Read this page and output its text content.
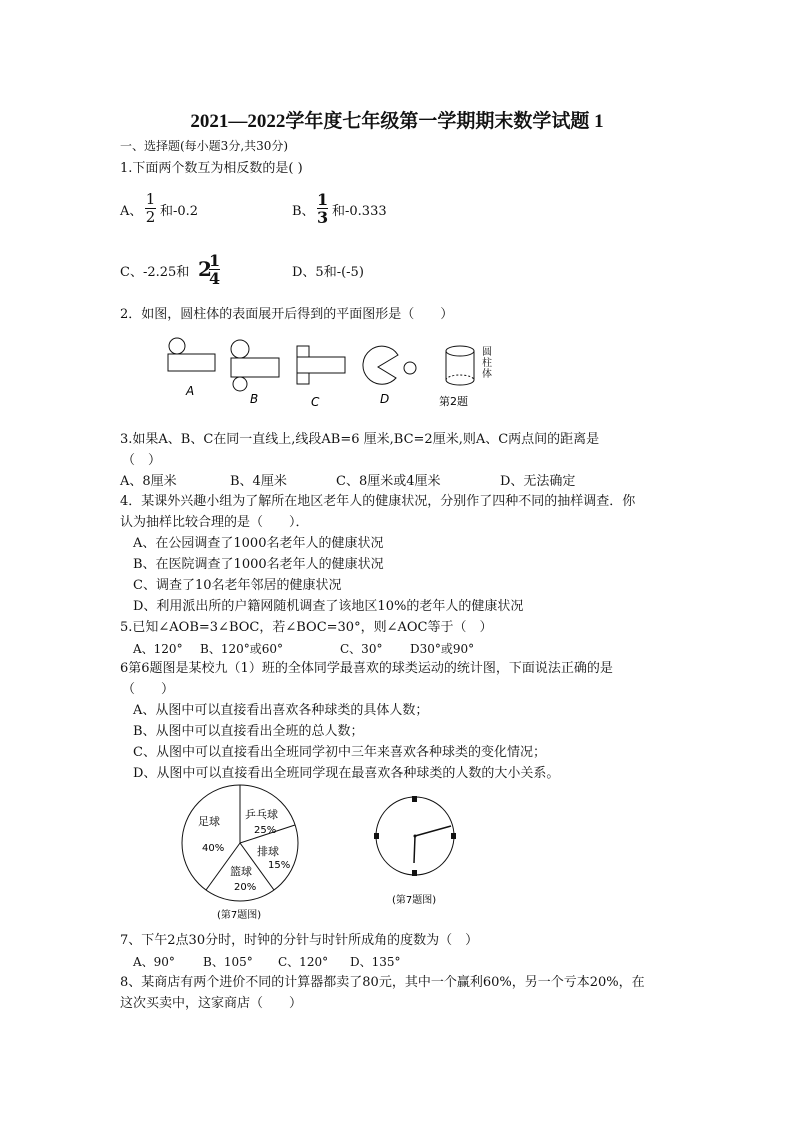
2021—2022学年度七年级第一学期期末数学试题 1
一、选择题(每小题3分,共30分)
1.下面两个数互为相反数的是( )
A、
1
2 和-0.2	B、
1
3 和-0.333
C、-2.25和 2
1
4	D、5和-(-5)
2．如图，圆柱体的表面展开后得到的平面图形是（　　）
A
B	C	D	第2题
圆柱体
3.如果A、B、C在同一直线上,线段AB=6 厘米,BC=2厘米,则A、C两点间的距离是
（　）
A、8厘米	B、4厘米	C、8厘米或4厘米	D、无法确定
4．某课外兴趣小组为了解所在地区老年人的健康状况，分别作了四种不同的抽样调查．你
认为抽样比较合理的是（　　）．
A、在公园调查了1000名老年人的健康状况
B、在医院调查了1000名老年人的健康状况
C、调查了10名老年邻居的健康状况
D、利用派出所的户籍网随机调查了该地区10%的老年人的健康状况
5.已知∠AOB=3∠BOC，若∠BOC=30°，则∠AOC等于（　）
A、120° B、120°或60°	C、30° D30°或90°
6第6题图是某校九（1）班的全体同学最喜欢的球类运动的统计图，下面说法正确的是
（　　）
A、从图中可以直接看出喜欢各种球类的具体人数；
B、从图中可以直接看出全班的总人数；
C、从图中可以直接看出全班同学初中三年来喜欢各种球类的变化情况；
D、从图中可以直接看出全班同学现在最喜欢各种球类的人数的大小关系。
足球
40%
乒乓球
25%
排球
15%
篮球
20%
(第7题图)
(第7题图)
7、下午2点30分时，时钟的分针与时针所成角的度数为（　）
A、90° B、105° C、120° D、135°
8、某商店有两个进价不同的计算器都卖了80元，其中一个赢利60%，另一个亏本20%，在
这次买卖中，这家商店（　　）
